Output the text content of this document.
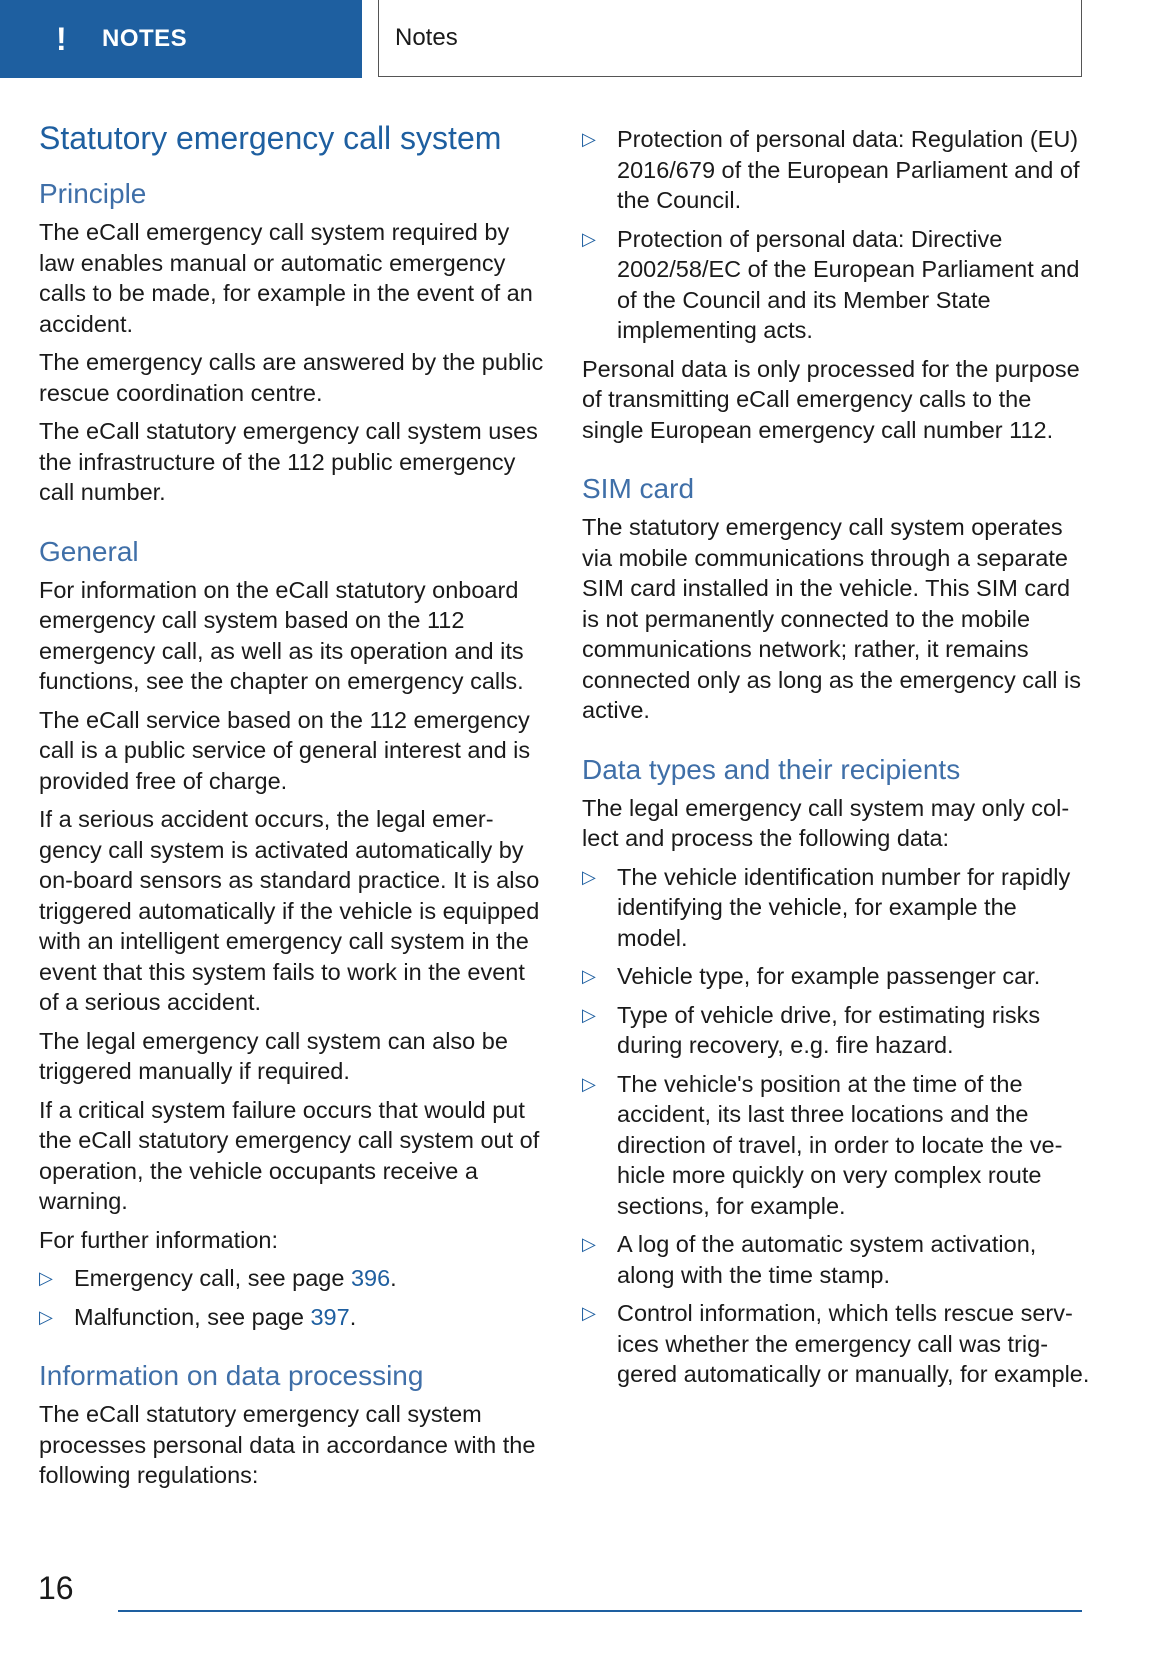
!	NOTES	Notes
Statutory emergency call system
Principle

The eCall emergency call system required by law enables manual or automatic emergency calls to be made, for example in the event of an accident.

The emergency calls are answered by the public rescue coordination centre.

The eCall statutory emergency call system uses the infrastructure of the 112 public emergency call number.

General

For information on the eCall statutory onboard emergency call system based on the 112 emergency call, as well as its operation and its functions, see the chapter on emergency calls.

The eCall service based on the 112 emergency call is a public service of general interest and is provided free of charge.

If a serious accident occurs, the legal emergency call system is activated automatically by on-board sensors as standard practice. It is also triggered automatically if the vehicle is equipped with an intelligent emergency call system in the event that this system fails to work in the event of a serious accident.

The legal emergency call system can also be triggered manually if required.

If a critical system failure occurs that would put the eCall statutory emergency call system out of operation, the vehicle occupants receive a warning.

For further information:

▷ Emergency call, see page 396.
▷ Malfunction, see page 397.
Information on data processing

The eCall statutory emergency call system processes personal data in accordance with the following regulations:

▷ Protection of personal data: Regulation (EU) 2016/679 of the European Parliament and of the Council.
▷ Protection of personal data: Directive 2002/58/EC of the European Parliament and of the Council and its Member State implementing acts.

Personal data is only processed for the purpose of transmitting eCall emergency calls to the single European emergency call number 112.

SIM card

The statutory emergency call system operates via mobile communications through a separate SIM card installed in the vehicle. This SIM card is not permanently connected to the mobile communications network; rather, it remains connected only as long as the emergency call is active.

Data types and their recipients

The legal emergency call system may only collect and process the following data:

▷ The vehicle identification number for rapidly identifying the vehicle, for example the model.
▷ Vehicle type, for example passenger car.
▷ Type of vehicle drive, for estimating risks during recovery, e.g. fire hazard.
▷ The vehicle's position at the time of the accident, its last three locations and the direction of travel, in order to locate the vehicle more quickly on very complex route sections, for example.
▷ A log of the automatic system activation, along with the time stamp.
▷ Control information, which tells rescue services whether the emergency call was triggered automatically or manually, for example.
16
